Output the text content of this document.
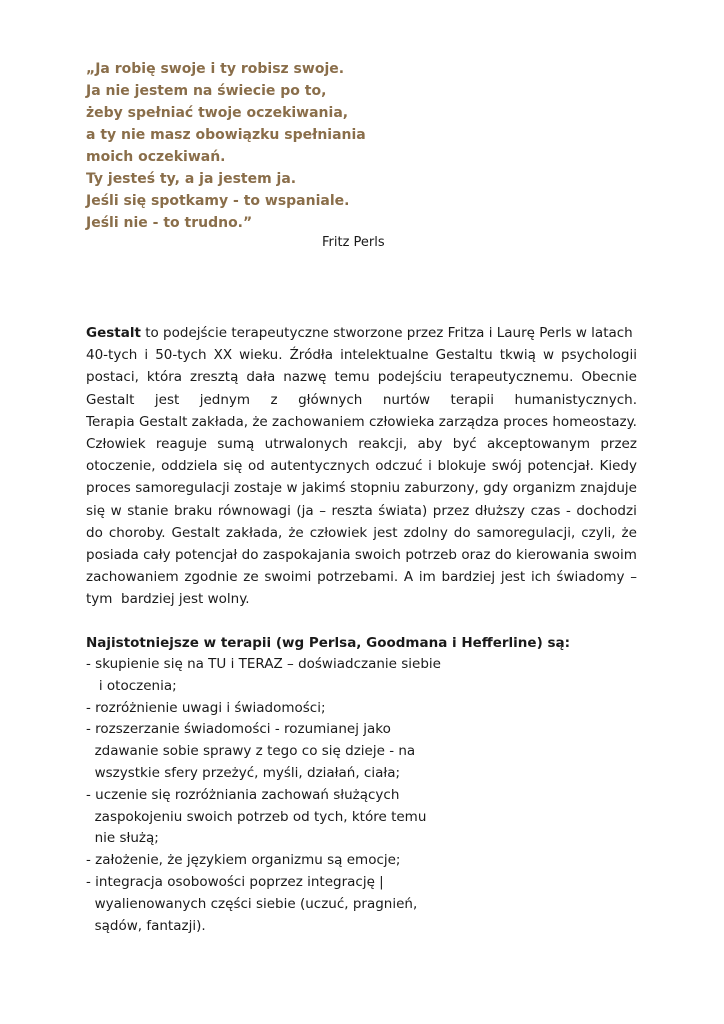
„Ja robię swoje i ty robisz swoje.
Ja nie jestem na świecie po to,
żeby spełniać twoje oczekiwania,
a ty nie masz obowiązku spełniania
moich oczekiwań.
Ty jesteś ty, a ja jestem ja.
Jeśli się spotkamy - to wspaniale.
Jeśli nie - to trudno.”
Fritz Perls
Gestalt to podejście terapeutyczne stworzone przez Fritza i Laurę Perls w latach
40-tych i 50-tych XX wieku. Źródła intelektualne Gestaltu tkwią w psychologii
postaci, która zresztą dała nazwę temu podejściu terapeutycznemu. Obecnie
Gestalt jest jednym z głównych nurtów terapii humanistycznych.
Terapia Gestalt zakłada, że zachowaniem człowieka zarządza proces homeostazy.
Człowiek reaguje sumą utrwalonych reakcji, aby być akceptowanym przez
otoczenie, oddziela się od autentycznych odczuć i blokuje swój potencjał. Kiedy
proces samoregulacji zostaje w jakimś stopniu zaburzony, gdy organizm znajduje
się w stanie braku równowagi (ja – reszta świata) przez dłuższy czas - dochodzi
do choroby. Gestalt zakłada, że człowiek jest zdolny do samoregulacji, czyli, że
posiada cały potencjał do zaspokajania swoich potrzeb oraz do kierowania swoim
zachowaniem zgodnie ze swoimi potrzebami. A im bardziej jest ich świadomy –
tym  bardziej jest wolny.
Najistotniejsze w terapii (wg Perlsa, Goodmana i Hefferline) są:
- skupienie się na TU i TERAZ – doświadczanie siebie
i otoczenia;
- rozróżnienie uwagi i świadomości;
- rozszerzanie świadomości - rozumianej jako
zdawanie sobie sprawy z tego co się dzieje - na
wszystkie sfery przeżyć, myśli, działań, ciała;
- uczenie się rozróżniania zachowań służących
zaspokojeniu swoich potrzeb od tych, które temu
nie służą;
- założenie, że językiem organizmu są emocje;
- integracja osobowości poprzez integrację |
wyalienowanych części siebie (uczuć, pragnień,
sądów, fantazji).
